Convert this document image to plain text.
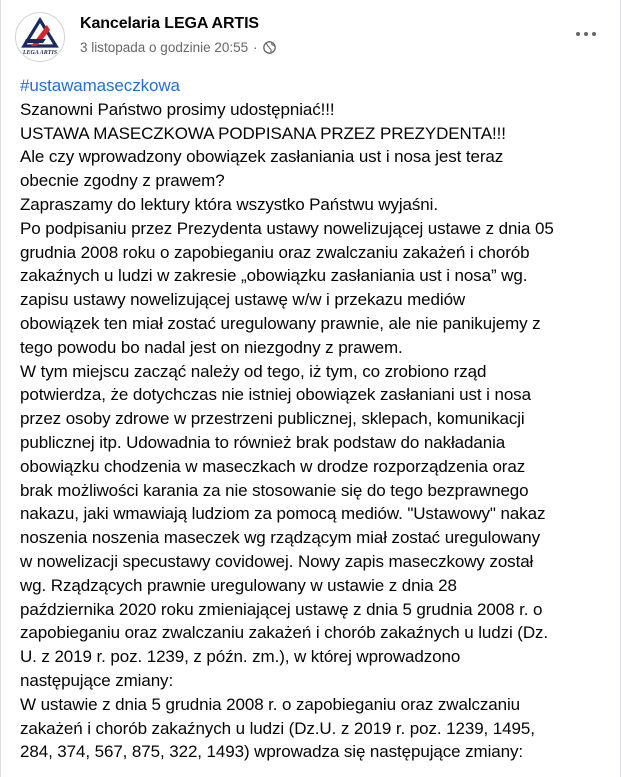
LEGA ARTIS
Kancelaria LEGA ARTIS
3 listopada o godzinie 20:55 ·
#ustawamaseczkowa
Szanowni Państwo prosimy udostępniać!!!
USTAWA MASECZKOWA PODPISANA PRZEZ PREZYDENTA!!!
Ale czy wprowadzony obowiązek zasłaniania ust i nosa jest teraz
obecnie zgodny z prawem?
Zapraszamy do lektury która wszystko Państwu wyjaśni.
Po podpisaniu przez Prezydenta ustawy nowelizującej ustawe z dnia 05
grudnia 2008 roku o zapobieganiu oraz zwalczaniu zakażeń i chorób
zakaźnych u ludzi w zakresie „obowiązku zasłaniania ust i nosa” wg.
zapisu ustawy nowelizującej ustawę w/w i przekazu mediów
obowiązek ten miał zostać uregulowany prawnie, ale nie panikujemy z
tego powodu bo nadal jest on niezgodny z prawem.
W tym miejscu zacząć należy od tego, iż tym, co zrobiono rząd
potwierdza, że dotychczas nie istniej obowiązek zasłaniani ust i nosa
przez osoby zdrowe w przestrzeni publicznej, sklepach, komunikacji
publicznej itp. Udowadnia to również brak podstaw do nakładania
obowiązku chodzenia w maseczkach w drodze rozporządzenia oraz
brak możliwości karania za nie stosowanie się do tego bezprawnego
nakazu, jaki wmawiają ludziom za pomocą mediów. "Ustawowy" nakaz
noszenia noszenia maseczek wg rządzącym miał zostać uregulowany
w nowelizacji specustawy covidowej. Nowy zapis maseczkowy został
wg. Rządzących prawnie uregulowany w ustawie z dnia 28
października 2020 roku zmieniającej ustawę z dnia 5 grudnia 2008 r. o
zapobieganiu oraz zwalczaniu zakażeń i chorób zakaźnych u ludzi (Dz.
U. z 2019 r. poz. 1239, z późn. zm.), w której wprowadzono
następujące zmiany:
W ustawie z dnia 5 grudnia 2008 r. o zapobieganiu oraz zwalczaniu
zakażeń i chorób zakaźnych u ludzi (Dz.U. z 2019 r. poz. 1239, 1495,
284, 374, 567, 875, 322, 1493) wprowadza się następujące zmiany:
